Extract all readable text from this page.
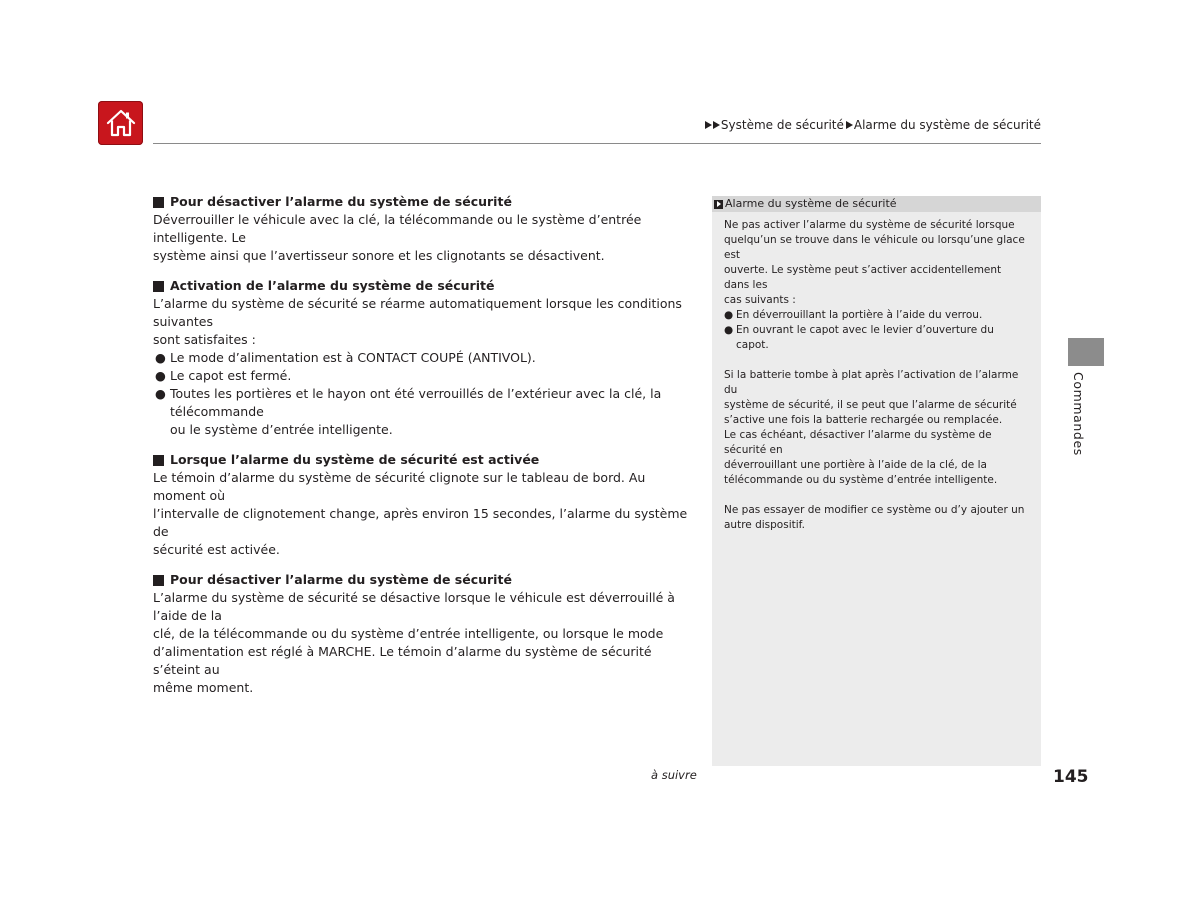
Système de sécurité Alarme du système de sécurité
Pour désactiver l’alarme du système de sécurité
Déverrouiller le véhicule avec la clé, la télécommande ou le système d’entrée intelligente. Le
système ainsi que l’avertisseur sonore et les clignotants se désactivent.
Activation de l’alarme du système de sécurité
L’alarme du système de sécurité se réarme automatiquement lorsque les conditions suivantes
sont satisfaites :
● Le mode d’alimentation est à CONTACT COUPÉ (ANTIVOL).
● Le capot est fermé.
● Toutes les portières et le hayon ont été verrouillés de l’extérieur avec la clé, la télécommande
ou le système d’entrée intelligente.
Lorsque l’alarme du système de sécurité est activée
Le témoin d’alarme du système de sécurité clignote sur le tableau de bord. Au moment où
l’intervalle de clignotement change, après environ 15 secondes, l’alarme du système de
sécurité est activée.
Pour désactiver l’alarme du système de sécurité
L’alarme du système de sécurité se désactive lorsque le véhicule est déverrouillé à l’aide de la
clé, de la télécommande ou du système d’entrée intelligente, ou lorsque le mode
d’alimentation est réglé à MARCHE. Le témoin d’alarme du système de sécurité s’éteint au
même moment.
Alarme du système de sécurité

Ne pas activer l’alarme du système de sécurité lorsque
quelqu’un se trouve dans le véhicule ou lorsqu’une glace est
ouverte. Le système peut s’activer accidentellement dans les
cas suivants :

● En déverrouillant la portière à l’aide du verrou.
● En ouvrant le capot avec le levier d’ouverture du capot.

Si la batterie tombe à plat après l’activation de l’alarme du
système de sécurité, il se peut que l’alarme de sécurité
s’active une fois la batterie rechargée ou remplacée.
Le cas échéant, désactiver l’alarme du système de sécurité en
déverrouillant une portière à l’aide de la clé, de la
télécommande ou du système d’entrée intelligente.

Ne pas essayer de modifier ce système ou d’y ajouter un
autre dispositif.

Commandes
à suivre	145
